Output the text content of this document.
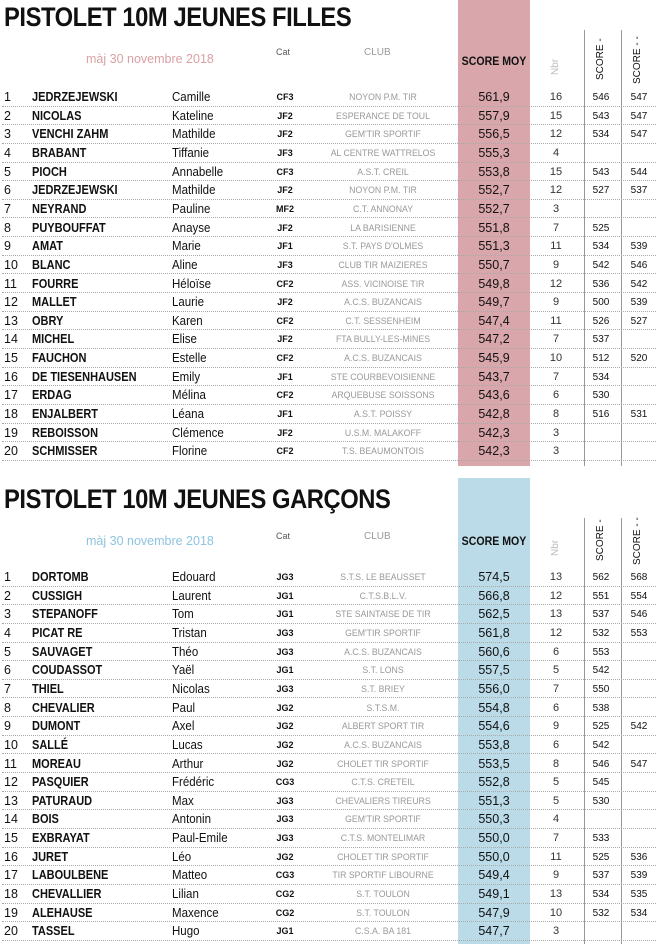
PISTOLET 10M JEUNES FILLES
màj 30 novembre 2018	Cat	CLUB
SCORE MOY Nbr	SCORE -	SCORE - -
1	JEDRZEJEWSKI	Camille	CF3	NOYON P.M. TIR	561,9	16	546	547
2	NICOLAS	Kateline	JF2	ESPERANCE DE TOUL	557,9	15	543	547
3	VENCHI ZAHM	Mathilde	JF2	GEM'TIR SPORTIF	556,5	12	534	547
4	BRABANT	Tiffanie	JF3	AL CENTRE WATTRELOS	555,3	4
5	PIOCH	Annabelle	CF3	A.S.T. CREIL	553,8	15	543	544
6	JEDRZEJEWSKI	Mathilde	JF2	NOYON P.M. TIR	552,7	12	527	537
7	NEYRAND	Pauline	MF2	C.T. ANNONAY	552,7	3
8	PUYBOUFFAT	Anayse	JF2	LA BARISIENNE	551,8	7	525
9	AMAT	Marie	JF1	S.T. PAYS D'OLMES	551,3	11	534	539
10	BLANC	Aline	JF3	CLUB TIR MAIZIERES	550,7	9	542	546
11	FOURRE	Héloïse	CF2	ASS. VICINOISE TIR	549,8	12	536	542
12	MALLET	Laurie	JF2	A.C.S. BUZANCAIS	549,7	9	500	539
13	OBRY	Karen	CF2	C.T. SESSENHEIM	547,4	11	526	527
14	MICHEL	Elise	JF2	FTA BULLY-LES-MINES	547,2	7	537
15	FAUCHON	Estelle	CF2	A.C.S. BUZANCAIS	545,9	10	512	520
16	DE TIESENHAUSEN	Emily	JF1	STE COURBEVOISIENNE	543,7	7	534
17	ERDAG	Mélina	CF2	ARQUEBUSE SOISSONS	543,6	6	530
18	ENJALBERT	Léana	JF1	A.S.T. POISSY	542,8	8	516	531
19	REBOISSON	Clémence	JF2	U.S.M. MALAKOFF	542,3	3
20	SCHMISSER	Florine	CF2	T.S. BEAUMONTOIS	542,3	3
PISTOLET 10M JEUNES GARÇONS
màj 30 novembre 2018	Cat	CLUB	SCORE MOY Nbr	SCORE -	SCORE - -
1	DORTOMB	Edouard	JG3	S.T.S. LE BEAUSSET	574,5	13	562	568
2	CUSSIGH	Laurent	JG1	C.T.S.B.L.V.	566,8	12	551	554
3	STEPANOFF	Tom	JG1	STE SAINTAISE DE TIR	562,5	13	537	546
4	PICAT RE	Tristan	JG3	GEM'TIR SPORTIF	561,8	12	532	553
5	SAUVAGET	Théo	JG3	A.C.S. BUZANCAIS	560,6	6	553
6	COUDASSOT	Yaël	JG1	S.T. LONS	557,5	5	542
7	THIEL	Nicolas	JG3	S.T. BRIEY	556,0	7	550
8	CHEVALIER	Paul	JG2	S.T.S.M.	554,8	6	538
9	DUMONT	Axel	JG2	ALBERT SPORT TIR	554,6	9	525	542
10	SALLÉ	Lucas	JG2	A.C.S. BUZANCAIS	553,8	6	542
11	MOREAU	Arthur	JG2	CHOLET TIR SPORTIF	553,5	8	546	547
12	PASQUIER	Frédéric	CG3	C.T.S. CRETEIL	552,8	5	545
13	PATURAUD	Max	JG3	CHEVALIERS TIREURS	551,3	5	530
14	BOIS	Antonin	JG3	GEM'TIR SPORTIF	550,3	4
15	EXBRAYAT	Paul-Emile	JG3	C.T.S. MONTELIMAR	550,0	7	533
16	JURET	Léo	JG2	CHOLET TIR SPORTIF	550,0	11	525	536
17	LABOULBENE	Matteo	CG3	TIR SPORTIF LIBOURNE	549,4	9	537	539
18	CHEVALLIER	Lilian	CG2	S.T. TOULON	549,1	13	534	535
19	ALEHAUSE	Maxence	CG2	S.T. TOULON	547,9	10	532	534
20	TASSEL	Hugo	JG1	C.S.A. BA 181	547,7	3
